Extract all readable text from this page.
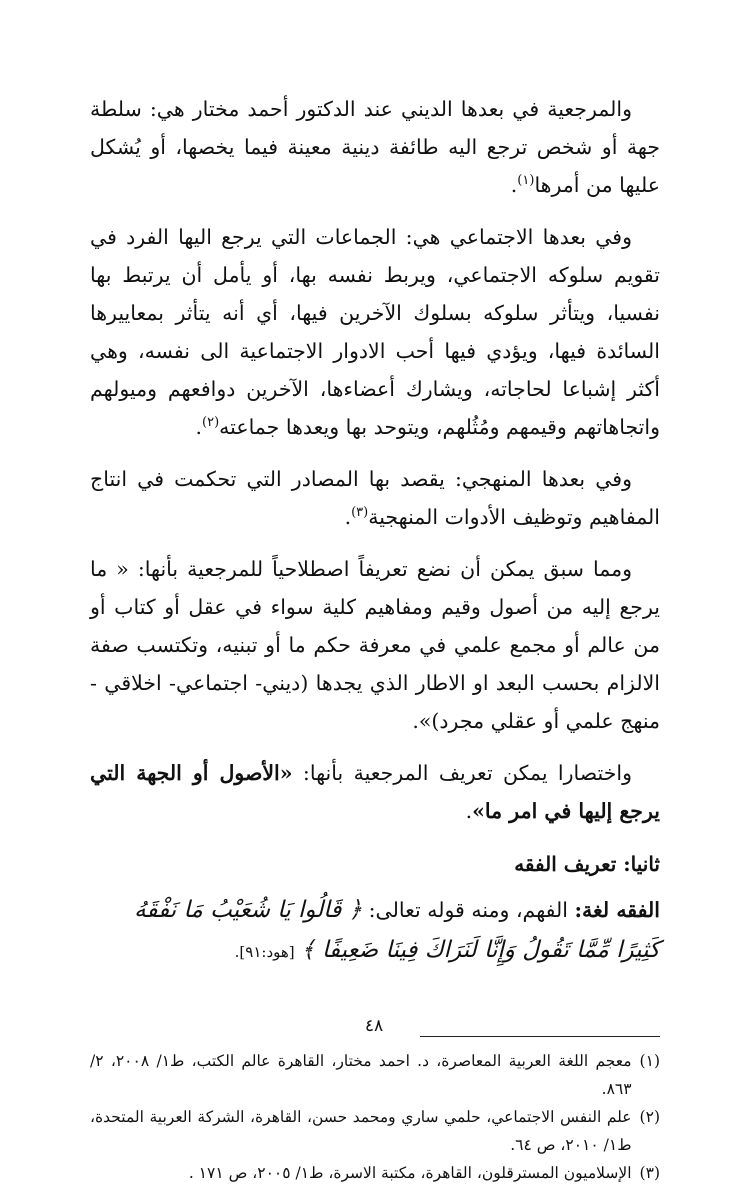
والمرجعية في بعدها الديني عند الدكتور أحمد مختار هي: سلطة جهة أو شخص ترجع اليه طائفة دينية معينة فيما يخصها، أو يُشكل عليها من أمرها$^{(١)}$.

وفي بعدها الاجتماعي هي: الجماعات التي يرجع اليها الفرد في تقويم سلوكه الاجتماعي، ويربط نفسه بها، أو يأمل أن يرتبط بها نفسيا، ويتأثر سلوكه بسلوك الآخرين فيها، أي أنه يتأثر بمعاييرها السائدة فيها، ويؤدي فيها أحب الادوار الاجتماعية الى نفسه، وهي أكثر إشباعا لحاجاته، ويشارك أعضاءها، الآخرين دوافعهم وميولهم واتجاهاتهم وقيمهم ومُثُلهم، ويتوحد بها ويعدها جماعته$^{(٢)}$.

وفي بعدها المنهجي: يقصد بها المصادر التي تحكمت في انتاج المفاهيم وتوظيف الأدوات المنهجية$^{(٣)}$.

ومما سبق يمكن أن نضع تعريفاً اصطلاحياً للمرجعية بأنها: « ما يرجع إليه من أصول وقيم ومفاهيم كلية سواء في عقل أو كتاب أو من عالم أو مجمع علمي في معرفة حكم ما أو تبنيه، وتكتسب صفة الالزام بحسب البعد او الاطار الذي يجدها (ديني- اجتماعي- اخلاقي - منهج علمي أو عقلي مجرد)».

واختصارا يمكن تعريف المرجعية بأنها: «الأصول أو الجهة التي يرجع إليها في امر ما».

ثانيا: تعريف الفقه

الفقه لغة: الفهم، ومنه قوله تعالى: ﴿ قَالُوا يَا شُعَيْبُ مَا نَفْقَهُ كَثِيرًا مِّمَّا تَقُولُ وَإِنَّا لَنَرَاكَ فِينَا ضَعِيفًا ﴾ [هود:٩١].

(١)
معجم اللغة العربية المعاصرة، د. احمد مختار، القاهرة عالم الكتب، ط١/ ٢٠٠٨، ٢/ ٨٦٣.
(٢)
علم النفس الاجتماعي، حلمي ساري ومحمد حسن، القاهرة، الشركة العربية المتحدة، ط١/ ٢٠١٠، ص ٦٤.
(٣)
الإسلاميون المسترقلون، القاهرة، مكتبة الاسرة، ط١/ ٢٠٠٥، ص ١٧١ .
٤٨
